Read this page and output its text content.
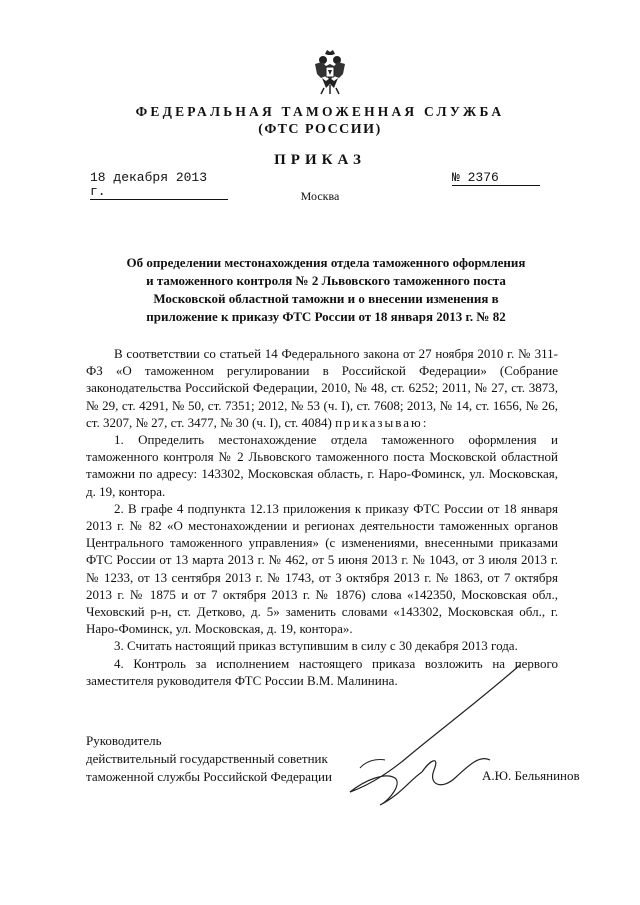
ФЕДЕРАЛЬНАЯ ТАМОЖЕННАЯ СЛУЖБА
(ФТС РОССИИ)
ПРИКАЗ
18 декабря 2013 г.
№ 2376
Москва
Об определении местонахождения отдела таможенного оформления
и таможенного контроля № 2 Львовского таможенного поста
Московской областной таможни и о внесении изменения в
приложение к приказу ФТС России от 18 января 2013 г. № 82

В соответствии со статьей 14 Федерального закона от 27 ноября 2010 г. № 311-ФЗ «О таможенном регулировании в Российской Федерации» (Собрание законодательства Российской Федерации, 2010, № 48, ст. 6252; 2011, № 27, ст. 3873, № 29, ст. 4291, № 50, ст. 7351; 2012, № 53 (ч. I), ст. 7608; 2013, № 14, ст. 1656, № 26, ст. 3207, № 27, ст. 3477, № 30 (ч. I), ст. 4084) приказываю:

1. Определить местонахождение отдела таможенного оформления и таможенного контроля № 2 Львовского таможенного поста Московской областной таможни по адресу: 143302, Московская область, г. Наро-Фоминск, ул. Московская, д. 19, контора.

2. В графе 4 подпункта 12.13 приложения к приказу ФТС России от 18 января 2013 г. № 82 «О местонахождении и регионах деятельности таможенных органов Центрального таможенного управления» (с изменениями, внесенными приказами ФТС России от 13 марта 2013 г. № 462, от 5 июня 2013 г. № 1043, от 3 июля 2013 г. № 1233, от 13 сентября 2013 г. № 1743, от 3 октября 2013 г. № 1863, от 7 октября 2013 г. № 1875 и от 7 октября 2013 г. № 1876) слова «142350, Московская обл., Чеховский р-н, ст. Детково, д. 5» заменить словами «143302, Московская обл., г. Наро-Фоминск, ул. Московская, д. 19, контора».

3. Считать настоящий приказ вступившим в силу с 30 декабря 2013 года.

4. Контроль за исполнением настоящего приказа возложить на первого заместителя руководителя ФТС России В.М. Малинина.

Руководитель
действительный государственный советник
таможенной службы Российской Федерации	А.Ю. Бельянинов
